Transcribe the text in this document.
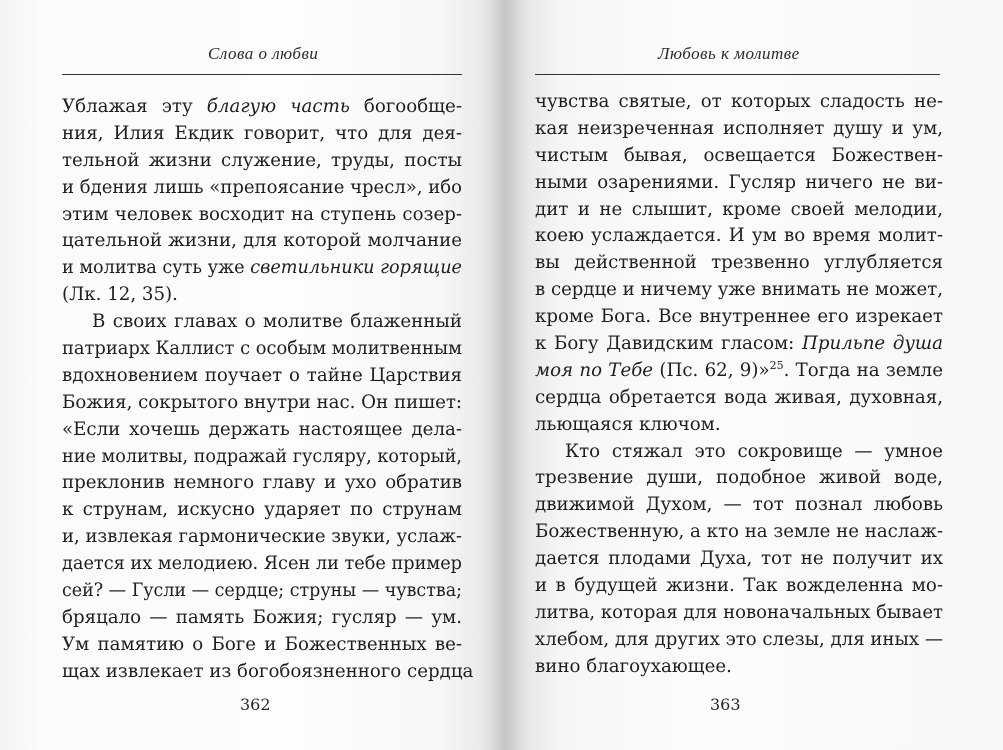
Слова о любви
Ублажая эту благую часть богообще-
ния, Илия Екдик говорит, что для дея-
тельной жизни служение, труды, посты
и бдения лишь «препоясание чресл», ибо
этим человек восходит на ступень созер-
цательной жизни, для которой молчание
и молитва суть уже светильники горящие
(Лк. 12, 35).
В своих главах о молитве блаженный
патриарх Каллист с особым молитвенным
вдохновением поучает о тайне Царствия
Божия, сокрытого внутри нас. Он пишет:
«Если хочешь держать настоящее дела-
ние молитвы, подражай гусляру, который,
преклонив немного главу и ухо обратив
к струнам, искусно ударяет по струнам
и, извлекая гармонические звуки, услаж-
дается их мелодиею. Ясен ли тебе пример
сей? — Гусли — сердце; струны — чувства;
бряцало — память Божия; гусляр — ум.
Ум памятию о Боге и Божественных ве-
щах извлекает из богобоязненного сердца
362
Любовь к молитве
чувства святые, от которых сладость не-
кая неизреченная исполняет душу и ум,
чистым бывая, освещается Божествен-
ными озарениями. Гусляр ничего не ви-
дит и не слышит, кроме своей мелодии,
коею услаждается. И ум во время молит-
вы действенной трезвенно углубляется
в сердце и ничему уже внимать не может,
кроме Бога. Все внутреннее его изрекает
к Богу Давидским гласом: Прильпе душа
моя по Тебе (Пс. 62, 9)»$^{25}$. Тогда на земле
сердца обретается вода живая, духовная,
льющаяся ключом.
Кто стяжал это сокровище — умное
трезвение души, подобное живой воде,
движимой Духом, — тот познал любовь
Божественную, а кто на земле не наслаж-
дается плодами Духа, тот не получит их
и в будущей жизни. Так вожделенна мо-
литва, которая для новоначальных бывает
хлебом, для других это слезы, для иных —
вино благоухающее.
363
